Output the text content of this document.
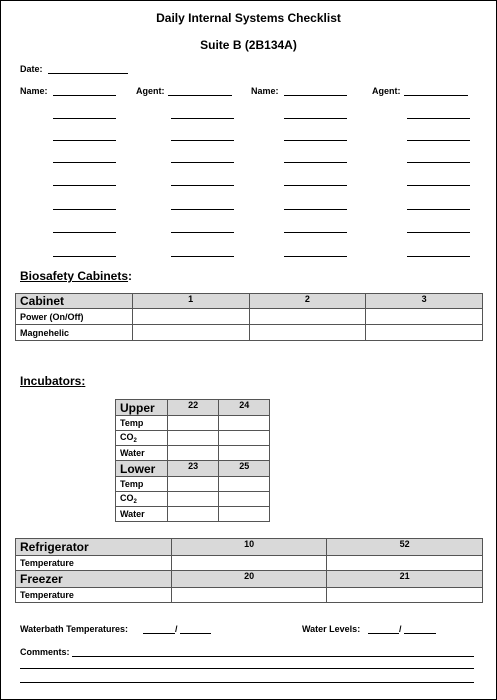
Daily Internal Systems Checklist
Suite B (2B134A)
Date:
Name:	Agent:	Name:	Agent:
Biosafety Cabinets:
Cabinet	1	2	3
Power (On/Off)			
Magnehelic			
Incubators:
Upper	22	24
Temp		
$CO_2$		
Water		
Lower	23	25
Temp		
$CO_2$		
Water		
Refrigerator	10	52
Temperature		
Freezer	20	21
Temperature		
Waterbath Temperatures:	/	Water Levels:	/
Comments:
